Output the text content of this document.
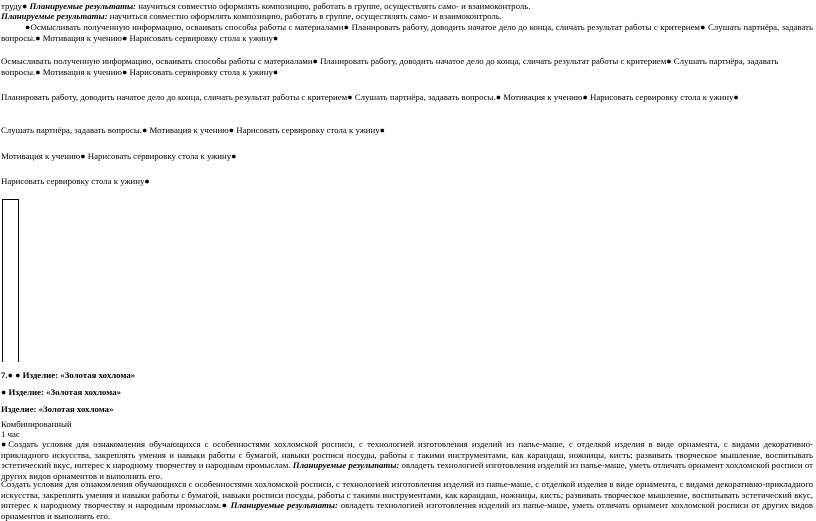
труду● Планируемые результаты: научиться совместно оформлять композицию, работать в группе, осуществлять само- и взаимоконтроль.

Планируемые результаты: научиться совместно оформлять композицию, работать в группе, осуществлять само- и взаимоконтроль.

●Осмысливать полученную информацию, осваивать способы работы с материалами● Планировать работу, доводить начатое дело до конца, сличать результат работы с критерием● Слушать партнёра, задавать вопросы.● Мотивация к учению● Нарисовать сервировку стола к ужину●

Осмысливать полученную информацию, осваивать способы работы с материалами● Планировать работу, доводить начатое дело до конца, сличать результат работы с критерием● Слушать партнёра, задавать вопросы.● Мотивация к учению● Нарисовать сервировку стола к ужину●

Планировать работу, доводить начатое дело до конца, сличать результат работы с критерием● Слушать партнёра, задавать вопросы.● Мотивация к учению● Нарисовать сервировку стола к ужину●

Слушать партнёра, задавать вопросы.● Мотивация к учению● Нарисовать сервировку стола к ужину●

Мотивация к учению● Нарисовать сервировку стола к ужину●

Нарисовать сервировку стола к ужину●

7.● ● Изделие: «Золотая хохлома»

● Изделие: «Золотая хохлома»

Изделие: «Золотая хохлома»

Комбинированный

1 час

●Создать условия для ознакомления обучающихся с особенностями хохломской росписи, с технологией изготовления изделий из папье-маше, с отделкой изделия в виде орнамента, с видами декоративно-прикладного искусства, закреплять умения и навыки работы с бумагой, навыки росписи посуды, работы с такими инструментами, как карандаш, ножницы, кисть; развивать творческое мышление, воспитывать эстетический вкус, интерес к народному творчеству и народным промыслам. Планируемые результаты: овладеть технологией изготовления изделий из папье-маше, уметь отличать орнамент хохломской росписи от других видов орнаментов и выполнять его.

Создать условия для ознакомления обучающихся с особенностями хохломской росписи, с технологией изготовления изделий из папье-маше, с отделкой изделия в виде орнамента, с видами декоративно-прикладного искусства, закреплять умения и навыки работы с бумагой, навыки росписи посуды, работы с такими инструментами, как карандаш, ножницы, кисть; развивать творческое мышление, воспитывать эстетический вкус, интерес к народному творчеству и народным промыслам.● Планируемые результаты: овладеть технологией изготовления изделий из папье-маше, уметь отличать орнамент хохломской росписи от других видов орнаментов и выполнять его.
